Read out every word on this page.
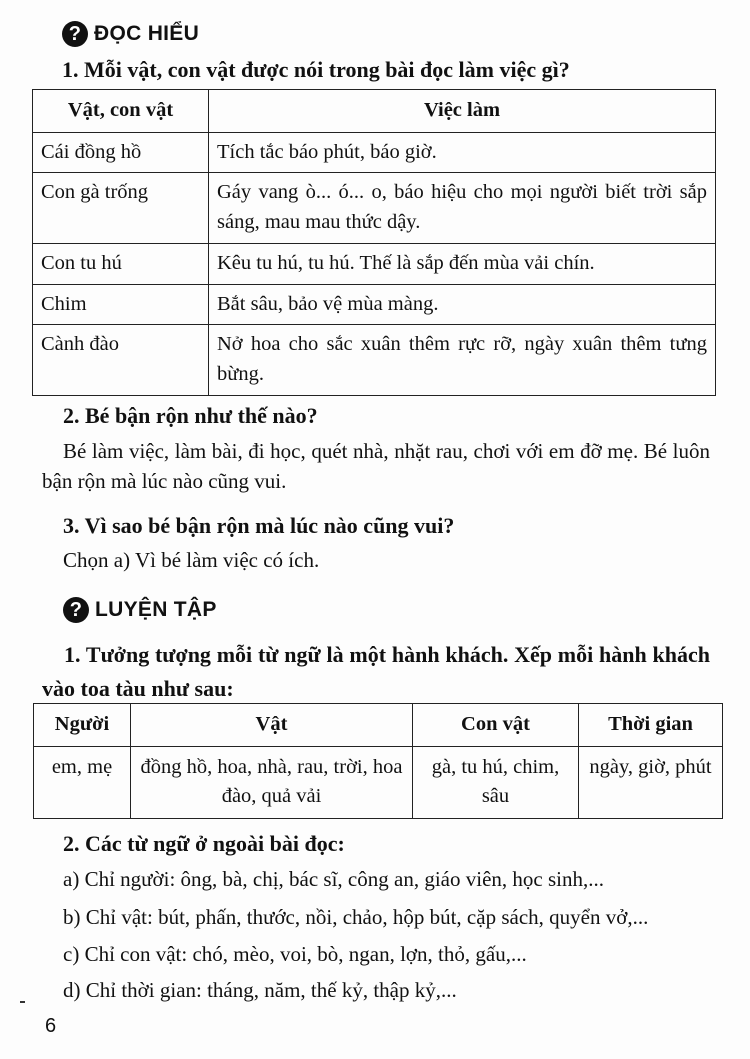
? ĐỌC HIỂU
1. Mỗi vật, con vật được nói trong bài đọc làm việc gì?
Vật, con vật	Việc làm
Cái đồng hồ	Tích tắc báo phút, báo giờ.
Con gà trống	Gáy vang ò... ó... o, báo hiệu cho mọi người biết trời sắp sáng, mau mau thức dậy.
Con tu hú	Kêu tu hú, tu hú. Thế là sắp đến mùa vải chín.
Chim	Bắt sâu, bảo vệ mùa màng.
Cành đào	Nở hoa cho sắc xuân thêm rực rỡ, ngày xuân thêm tưng bừng.
2. Bé bận rộn như thế nào?
Bé làm việc, làm bài, đi học, quét nhà, nhặt rau, chơi với em đỡ mẹ. Bé luôn bận rộn mà lúc nào cũng vui.
3. Vì sao bé bận rộn mà lúc nào cũng vui?
Chọn a) Vì bé làm việc có ích.
? LUYỆN TẬP
1. Tưởng tượng mỗi từ ngữ là một hành khách. Xếp mỗi hành khách vào toa tàu như sau:
Người	Vật	Con vật	Thời gian
em, mẹ	đồng hồ, hoa, nhà, rau, trời, hoa đào, quả vải	gà, tu hú, chim, sâu	ngày, giờ, phút
2. Các từ ngữ ở ngoài bài đọc:
a) Chỉ người: ông, bà, chị, bác sĩ, công an, giáo viên, học sinh,...
b) Chỉ vật: bút, phấn, thước, nồi, chảo, hộp bút, cặp sách, quyển vở,...
c) Chỉ con vật: chó, mèo, voi, bò, ngan, lợn, thỏ, gấu,...
d) Chỉ thời gian: tháng, năm, thế kỷ, thập kỷ,...
6
